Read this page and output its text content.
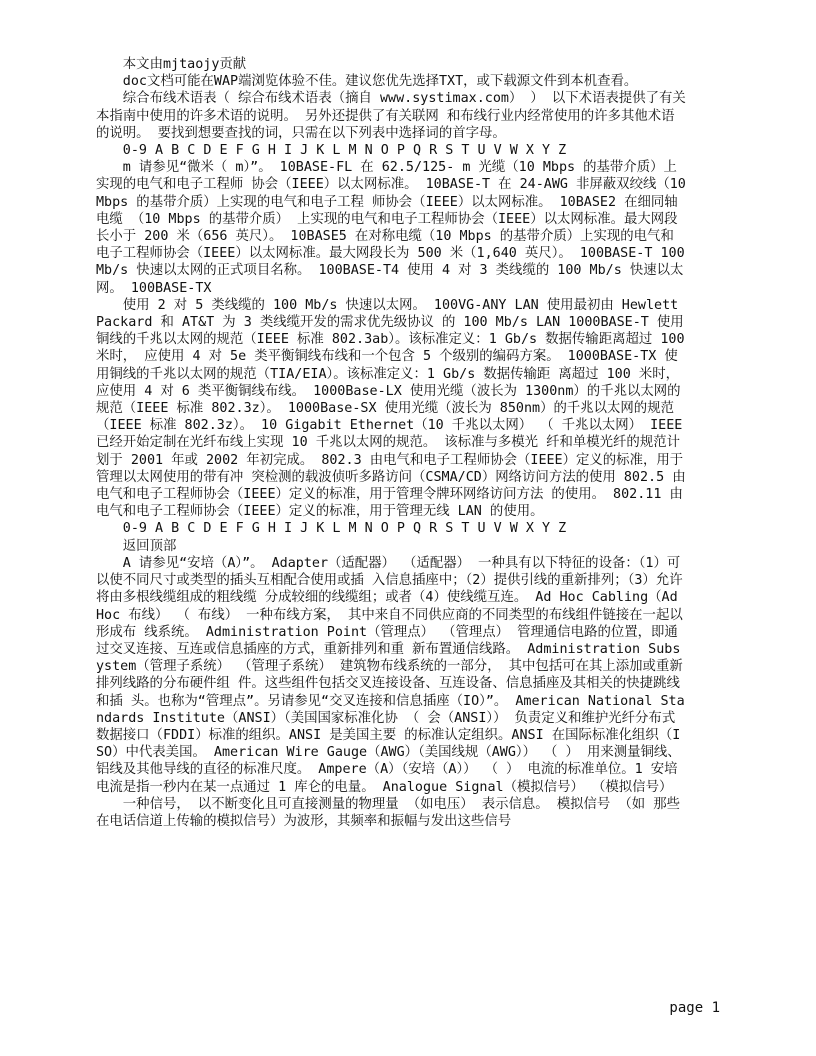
本文由mjtaojy贡献

doc文档可能在WAP端浏览体验不佳。建议您优先选择TXT，或下载源文件到本机查看。

综合布线术语表（ 综合布线术语表（摘自 www.systimax.com） ） 以下术语表提供了有关本指南中使用的许多术语的说明。 另外还提供了有关联网 和布线行业内经常使用的许多其他术语的说明。 要找到想要查找的词，只需在以下列表中选择词的首字母。

0-9 A B C D E F G H I J K L M N O P Q R S T U V W X Y Z

m 请参见“微米（ m）”。 10BASE-FL 在 62.5/125- m 光缆（10 Mbps 的基带介质）上实现的电气和电子工程师 协会（IEEE）以太网标准。 10BASE-T 在 24-AWG 非屏蔽双绞线（10 Mbps 的基带介质）上实现的电气和电子工程 师协会（IEEE）以太网标准。 10BASE2 在细同轴电缆 （10 Mbps 的基带介质） 上实现的电气和电子工程师协会（IEEE）以太网标准。最大网段长小于 200 米（656 英尺）。 10BASE5 在对称电缆（10 Mbps 的基带介质）上实现的电气和电子工程师协会（IEEE）以太网标准。最大网段长为 500 米（1,640 英尺）。 100BASE-T 100 Mb/s 快速以太网的正式项目名称。 100BASE-T4 使用 4 对 3 类线缆的 100 Mb/s 快速以太网。 100BASE-TX

使用 2 对 5 类线缆的 100 Mb/s 快速以太网。 100VG-ANY LAN 使用最初由 Hewlett Packard 和 AT&T 为 3 类线缆开发的需求优先级协议 的 100 Mb/s LAN 1000BASE-T 使用铜线的千兆以太网的规范（IEEE 标准 802.3ab）。该标准定义：1 Gb/s 数据传输距离超过 100 米时， 应使用 4 对 5e 类平衡铜线布线和一个包含 5 个级别的编码方案。 1000BASE-TX 使用铜线的千兆以太网的规范（TIA/EIA）。该标准定义：1 Gb/s 数据传输距 离超过 100 米时，应使用 4 对 6 类平衡铜线布线。 1000Base-LX 使用光缆（波长为 1300nm）的千兆以太网的规范（IEEE 标准 802.3z）。 1000Base-SX 使用光缆（波长为 850nm）的千兆以太网的规范（IEEE 标准 802.3z）。 10 Gigabit Ethernet（10 千兆以太网） （ 千兆以太网） IEEE 已经开始定制在光纤布线上实现 10 千兆以太网的规范。 该标准与多模光 纤和单模光纤的规范计划于 2001 年或 2002 年初完成。 802.3 由电气和电子工程师协会（IEEE）定义的标准，用于管理以太网使用的带有冲 突检测的载波侦听多路访问（CSMA/CD）网络访问方法的使用 802.5 由电气和电子工程师协会（IEEE）定义的标准，用于管理令牌环网络访问方法 的使用。 802.11 由电气和电子工程师协会（IEEE）定义的标准，用于管理无线 LAN 的使用。

0-9 A B C D E F G H I J K L M N O P Q R S T U V W X Y Z

返回顶部

A 请参见“安培（A）”。 Adapter（适配器） （适配器） 一种具有以下特征的设备：（1）可以使不同尺寸或类型的插头互相配合使用或插 入信息插座中；（2）提供引线的重新排列；（3）允许将由多根线缆组成的粗线缆 分成较细的线缆组；或者（4）使线缆互连。 Ad Hoc Cabling（Ad Hoc 布线） （ 布线） 一种布线方案， 其中来自不同供应商的不同类型的布线组件链接在一起以形成布 线系统。 Administration Point（管理点） （管理点） 管理通信电路的位置，即通过交叉连接、互连或信息插座的方式，重新排列和重 新布置通信线路。 Administration Subsystem（管理子系统） （管理子系统） 建筑物布线系统的一部分， 其中包括可在其上添加或重新排列线路的分布硬件组 件。这些组件包括交叉连接设备、互连设备、信息插座及其相关的快捷跳线和插 头。也称为“管理点”。另请参见“交叉连接和信息插座（IO）”。 American National Standards Institute（ANSI）（美国国家标准化协 （ 会（ANSI）） 负责定义和维护光纤分布式数据接口（FDDI）标准的组织。ANSI 是美国主要 的标准认定组织。ANSI 在国际标准化组织（ISO）中代表美国。 American Wire Gauge（AWG）（美国线规（AWG）） （ ） 用来测量铜线、铝线及其他导线的直径的标准尺度。 Ampere（A）（安培（A）） （ ） 电流的标准单位。1 安培电流是指一秒内在某一点通过 1 库仑的电量。 Analogue Signal（模拟信号） （模拟信号）

一种信号， 以不断变化且可直接测量的物理量 （如电压） 表示信息。 模拟信号 （如 那些在电话信道上传输的模拟信号）为波形，其频率和振幅与发出这些信号

page 1
